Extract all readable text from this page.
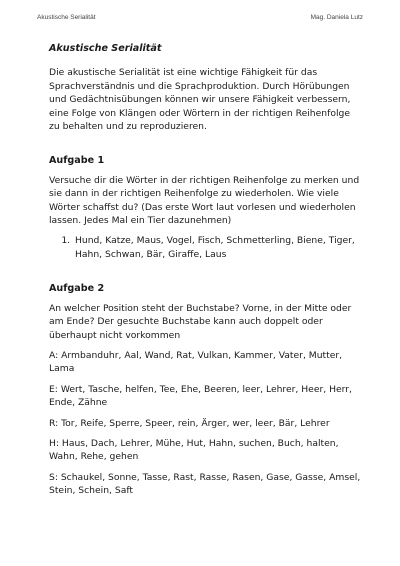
Akustische Serialität	Mag. Daniela Lutz
Akustische Serialität

Die akustische Serialität ist eine wichtige Fähigkeit für das Sprachverständnis und die Sprachproduktion. Durch Hörübungen und Gedächtnisübungen können wir unsere Fähigkeit verbessern, eine Folge von Klängen oder Wörtern in der richtigen Reihenfolge zu behalten und zu reproduzieren.

Aufgabe 1

Versuche dir die Wörter in der richtigen Reihenfolge zu merken und sie dann in der richtigen Reihenfolge zu wiederholen. Wie viele Wörter schaffst du? (Das erste Wort laut vorlesen und wiederholen lassen. Jedes Mal ein Tier dazunehmen)

1. Hund, Katze, Maus, Vogel, Fisch, Schmetterling, Biene, Tiger, Hahn, Schwan, Bär, Giraffe, Laus
Aufgabe 2

An welcher Position steht der Buchstabe? Vorne, in der Mitte oder am Ende? Der gesuchte Buchstabe kann auch doppelt oder überhaupt nicht vorkommen

A: Armbanduhr, Aal, Wand, Rat, Vulkan, Kammer, Vater, Mutter, Lama

E: Wert, Tasche, helfen, Tee, Ehe, Beeren, leer, Lehrer, Heer, Herr, Ende, Zähne

R: Tor, Reife, Sperre, Speer, rein, Ärger, wer, leer, Bär, Lehrer

H: Haus, Dach, Lehrer, Mühe, Hut, Hahn, suchen, Buch, halten, Wahn, Rehe, gehen

S: Schaukel, Sonne, Tasse, Rast, Rasse, Rasen, Gase, Gasse, Amsel, Stein, Schein, Saft
